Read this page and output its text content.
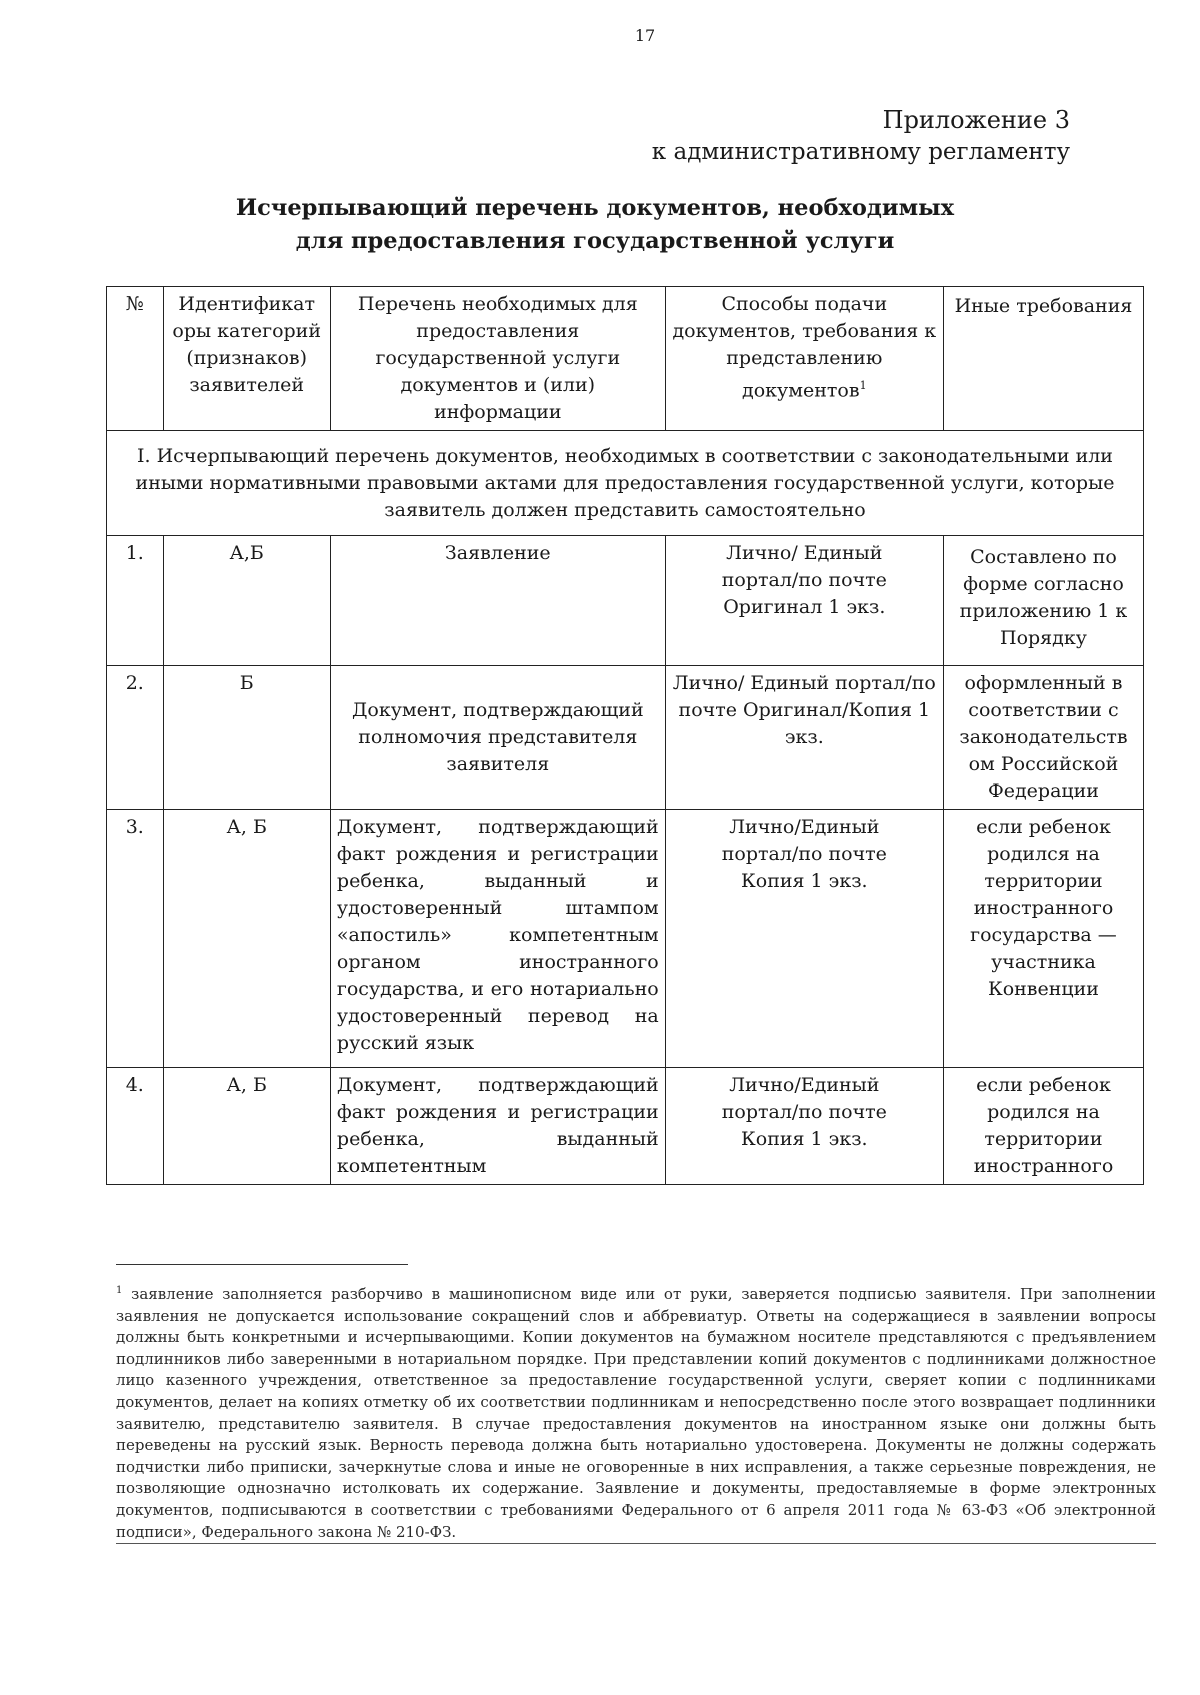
17
Приложение 3
к административному регламенту
Исчерпывающий перечень документов, необходимых
для предоставления государственной услуги
№	Идентификат оры категорий (признаков) заявителей	Перечень необходимых для предоставления государственной услуги документов и (или) информации	Способы подачи документов, требования к представлению документов$^1$	Иные требования
I. Исчерпывающий перечень документов, необходимых в соответствии с законодательными или иными нормативными правовыми актами для предоставления государственной услуги, которые заявитель должен представить самостоятельно				
1.	А,Б	Заявление	Лично/ Единый портал/по почте Оригинал 1 экз.	Составлено по форме согласно приложению 1 к Порядку
2.	Б	Документ, подтверждающий полномочия представителя заявителя	Лично/ Единый портал/по почте Оригинал/Копия 1 экз.	оформленный в соответствии с законодательств ом Российской Федерации
3.	А, Б	Документ, подтверждающий факт рождения и регистрации ребенка, выданный и удостоверенный штампом «апостиль» компетентным органом иностранного государства, и его нотариально удостоверенный перевод на русский язык	Лично/Единый портал/по почте Копия 1 экз.	если ребенок родился на территории иностранного государства — участника Конвенции
4.	А, Б	Документ, подтверждающий факт рождения и регистрации ребенка, выданный компетентным	Лично/Единый портал/по почте Копия 1 экз.	если ребенок родился на территории иностранного
$^1$ заявление заполняется разборчиво в машинописном виде или от руки, заверяется подписью заявителя. При заполнении заявления не допускается использование сокращений слов и аббревиатур. Ответы на содержащиеся в заявлении вопросы должны быть конкретными и исчерпывающими. Копии документов на бумажном носителе представляются с предъявлением подлинников либо заверенными в нотариальном порядке. При представлении копий документов с подлинниками должностное лицо казенного учреждения, ответственное за предоставление государственной услуги, сверяет копии с подлинниками документов, делает на копиях отметку об их соответствии подлинникам и непосредственно после этого возвращает подлинники заявителю, представителю заявителя. В случае предоставления документов на иностранном языке они должны быть переведены на русский язык. Верность перевода должна быть нотариально удостоверена. Документы не должны содержать подчистки либо приписки, зачеркнутые слова и иные не оговоренные в них исправления, а также серьезные повреждения, не позволяющие однозначно истолковать их содержание. Заявление и документы, предоставляемые в форме электронных документов, подписываются в соответствии с требованиями Федерального от 6 апреля 2011 года № 63-ФЗ «Об электронной подписи», Федерального закона № 210-ФЗ.
